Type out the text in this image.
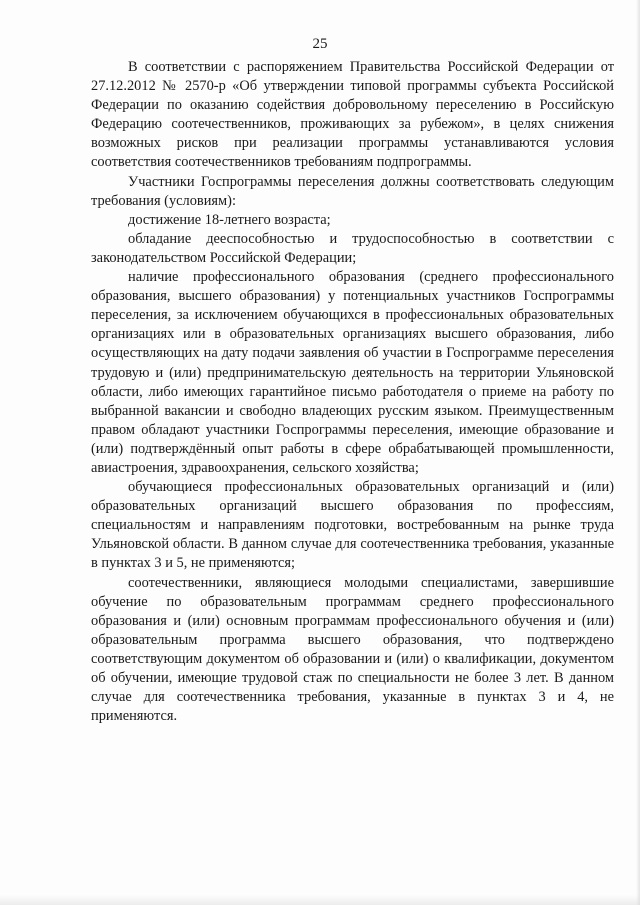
25

В соответствии с распоряжением Правительства Российской Федерации от 27.12.2012 № 2570-р «Об утверждении типовой программы субъекта Российской Федерации по оказанию содействия добровольному переселению в Российскую Федерацию соотечественников, проживающих за рубежом», в целях снижения возможных рисков при реализации программы устанавливаются условия соответствия соотечественников требованиям подпрограммы.

Участники Госпрограммы переселения должны соответствовать следующим требования (условиям):

достижение 18-летнего возраста;

обладание дееспособностью и трудоспособностью в соответствии с законодательством Российской Федерации;

наличие профессионального образования (среднего профессионального образования, высшего образования) у потенциальных участников Госпрограммы переселения, за исключением обучающихся в профессиональных образовательных организациях или в образовательных организациях высшего образования, либо осуществляющих на дату подачи заявления об участии в Госпрограмме переселения трудовую и (или) предпринимательскую деятельность на территории Ульяновской области, либо имеющих гарантийное письмо работодателя о приеме на работу по выбранной вакансии и свободно владеющих русским языком. Преимущественным правом обладают участники Госпрограммы переселения, имеющие образование и (или) подтверждённый опыт работы в сфере обрабатывающей промышленности, авиастроения, здравоохранения, сельского хозяйства;

обучающиеся профессиональных образовательных организаций и (или) образовательных организаций высшего образования по профессиям, специальностям и направлениям подготовки, востребованным на рынке труда Ульяновской области. В данном случае для соотечественника требования, указанные в пунктах 3 и 5, не применяются;

соотечественники, являющиеся молодыми специалистами, завершившие обучение по образовательным программам среднего профессионального образования и (или) основным программам профессионального обучения и (или) образовательным программа высшего образования, что подтверждено соответствующим документом об образовании и (или) о квалификации, документом об обучении, имеющие трудовой стаж по специальности не более 3 лет. В данном случае для соотечественника требования, указанные в пунктах 3 и 4, не применяются.
